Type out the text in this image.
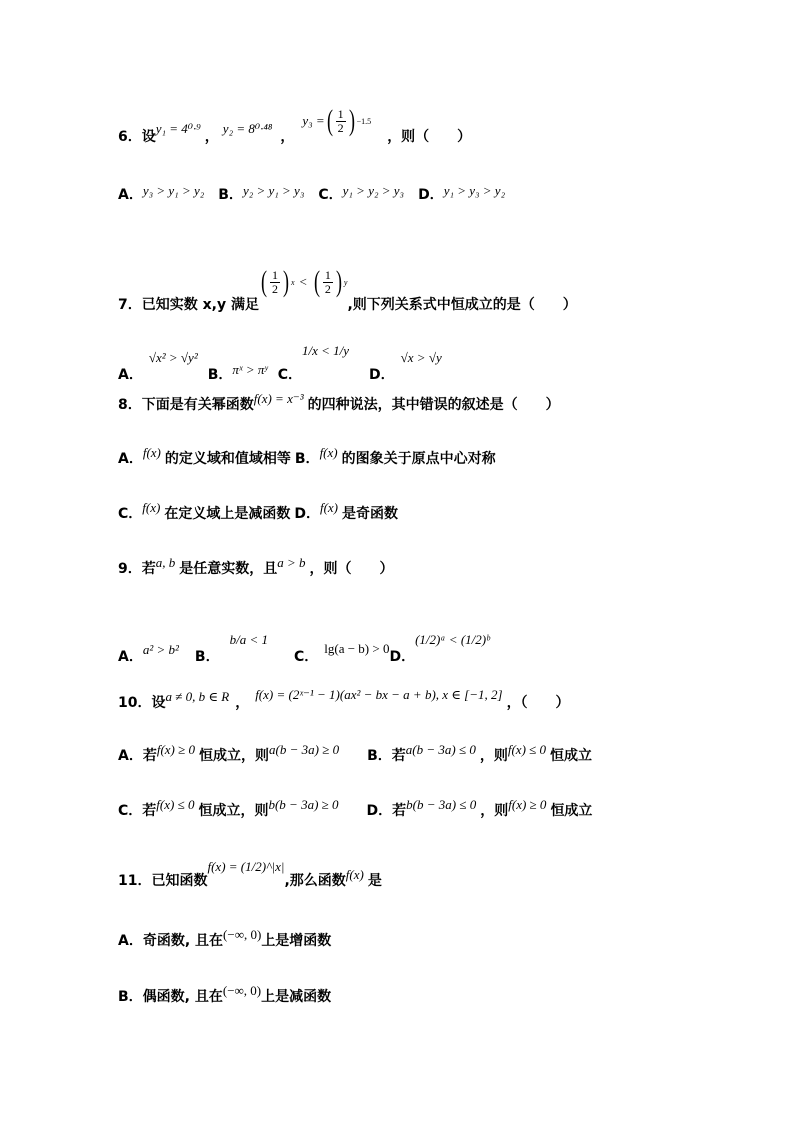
6．设
y₁ = 4⁰·⁹
，
y₂ = 8⁰·⁴⁸
，
y₃ = ( $\frac{1}{2}$ ) −1.5
，则（　　）
A． y₃ > y₁ > y₂ B． y₂ > y₁ > y₃ C． y₁ > y₂ > y₃ D． y₁ > y₃ > y₂
7．已知实数 x,y 满足
( $\frac{1}{2}$ ) x < ( $\frac{1}{2}$ ) y
,则下列关系式中恒成立的是（　　）
A．
√x² > √y²
B． πˣ > πʸ C．
1/x < 1/y
D．
√x > √y
8．下面是有关幂函数 f(x) = x⁻³ 的四种说法，其中错误的叙述是（　　）
A． f(x) 的定义域和值域相等 B． f(x) 的图象关于原点中心对称
C． f(x) 在定义域上是减函数 D． f(x) 是奇函数
9．若 a, b 是任意实数，且 a > b ，则（　　）
A． a² > b² B．
b/a < 1
C．
lg(a − b) > 0
D．
(1/2)ᵃ < (1/2)ᵇ
10．设 a ≠ 0, b ∈ R ，
f(x) = (2ˣ⁻¹ − 1)(ax² − bx − a + b), x ∈ [−1, 2]
，（　　）
A． 若 f(x) ≥ 0 恒成立，则 a(b − 3a) ≥ 0 B． 若 a(b − 3a) ≤ 0 ，则 f(x) ≤ 0 恒成立
C． 若 f(x) ≤ 0 恒成立，则 b(b − 3a) ≥ 0 D． 若 b(b − 3a) ≤ 0 ，则 f(x) ≥ 0 恒成立
11．已知函数
f(x) = (1/2)^|x|
,那么函数 f(x) 是
A． 奇函数, 且在 (−∞, 0) 上是增函数
B． 偶函数, 且在 (−∞, 0) 上是减函数
